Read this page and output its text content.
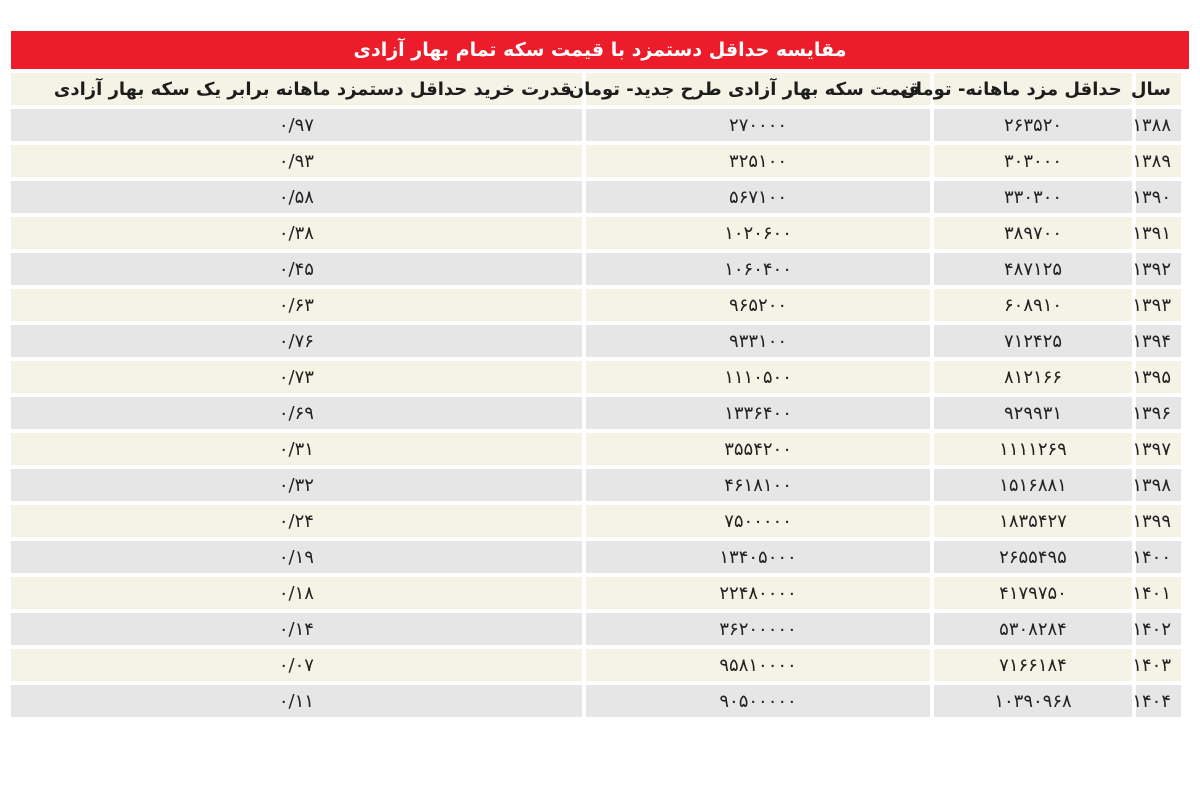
مقایسه حداقل دستمزد با قیمت سکه تمام بهار آزادی
سال	حداقل مزد ماهانه- تومان	قیمت سکه بهار آزادی طرح جدید- تومان	قدرت خرید حداقل دستمزد ماهانه برابر یک سکه بهار آزادی
۱۳۸۸	۲۶۳۵۲۰	۲۷۰۰۰۰	۰/۹۷
۱۳۸۹	۳۰۳۰۰۰	۳۲۵۱۰۰	۰/۹۳
۱۳۹۰	۳۳۰۳۰۰	۵۶۷۱۰۰	۰/۵۸
۱۳۹۱	۳۸۹۷۰۰	۱۰۲۰۶۰۰	۰/۳۸
۱۳۹۲	۴۸۷۱۲۵	۱۰۶۰۴۰۰	۰/۴۵
۱۳۹۳	۶۰۸۹۱۰	۹۶۵۲۰۰	۰/۶۳
۱۳۹۴	۷۱۲۴۲۵	۹۳۳۱۰۰	۰/۷۶
۱۳۹۵	۸۱۲۱۶۶	۱۱۱۰۵۰۰	۰/۷۳
۱۳۹۶	۹۲۹۹۳۱	۱۳۳۶۴۰۰	۰/۶۹
۱۳۹۷	۱۱۱۱۲۶۹	۳۵۵۴۲۰۰	۰/۳۱
۱۳۹۸	۱۵۱۶۸۸۱	۴۶۱۸۱۰۰	۰/۳۲
۱۳۹۹	۱۸۳۵۴۲۷	۷۵۰۰۰۰۰	۰/۲۴
۱۴۰۰	۲۶۵۵۴۹۵	۱۳۴۰۵۰۰۰	۰/۱۹
۱۴۰۱	۴۱۷۹۷۵۰	۲۲۴۸۰۰۰۰	۰/۱۸
۱۴۰۲	۵۳۰۸۲۸۴	۳۶۲۰۰۰۰۰	۰/۱۴
۱۴۰۳	۷۱۶۶۱۸۴	۹۵۸۱۰۰۰۰	۰/۰۷
۱۴۰۴	۱۰۳۹۰۹۶۸	۹۰۵۰۰۰۰۰	۰/۱۱
